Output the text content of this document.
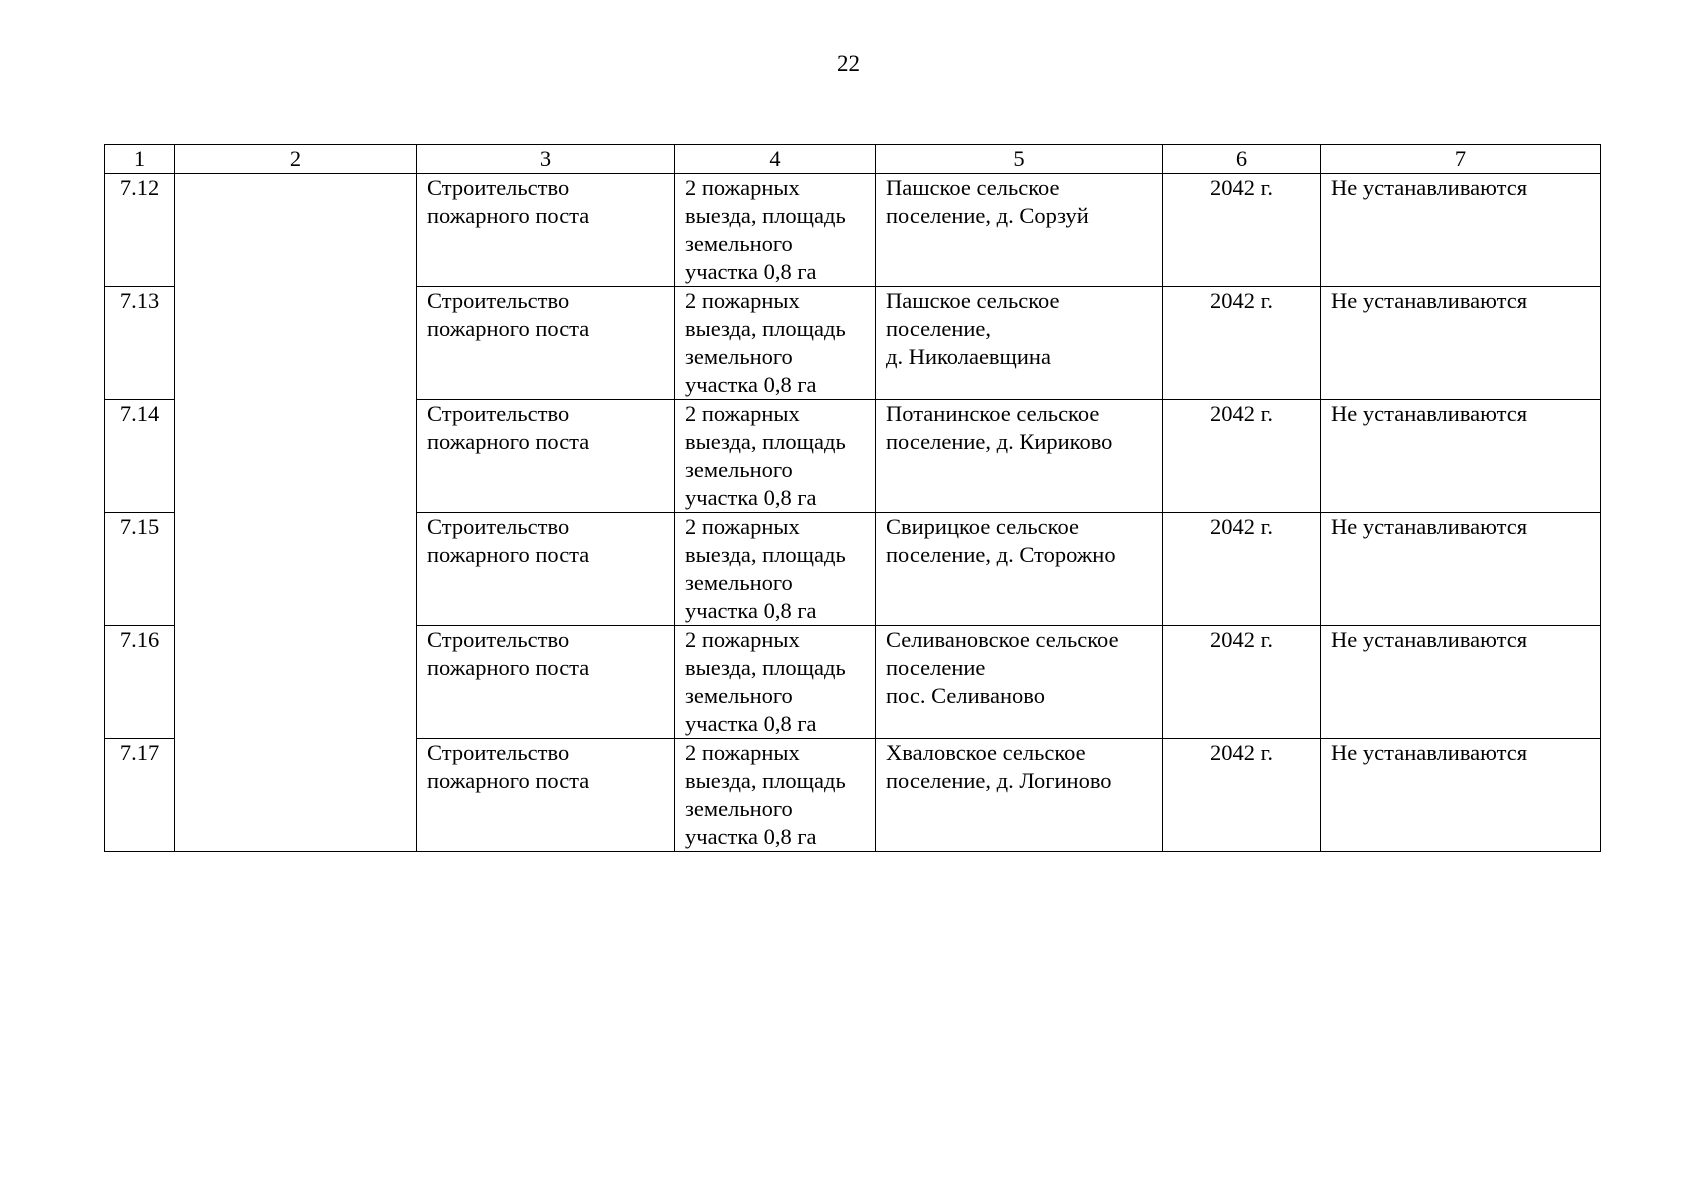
22
1	2	3	4	5	6	7
7.12		Строительство
пожарного поста	2 пожарных
выезда, площадь
земельного
участка 0,8 га	Пашское сельское
поселение, д. Сорзуй	2042 г.	Не устанавливаются
7.13		Строительство
пожарного поста	2 пожарных
выезда, площадь
земельного
участка 0,8 га	Пашское сельское
поселение,
д. Николаевщина	2042 г.	Не устанавливаются
7.14		Строительство
пожарного поста	2 пожарных
выезда, площадь
земельного
участка 0,8 га	Потанинское сельское
поселение, д. Кириково	2042 г.	Не устанавливаются
7.15		Строительство
пожарного поста	2 пожарных
выезда, площадь
земельного
участка 0,8 га	Свирицкое сельское
поселение, д. Сторожно	2042 г.	Не устанавливаются
7.16		Строительство
пожарного поста	2 пожарных
выезда, площадь
земельного
участка 0,8 га	Селивановское сельское
поселение
пос. Селиваново	2042 г.	Не устанавливаются
7.17		Строительство
пожарного поста	2 пожарных
выезда, площадь
земельного
участка 0,8 га	Хваловское сельское
поселение, д. Логиново	2042 г.	Не устанавливаются
